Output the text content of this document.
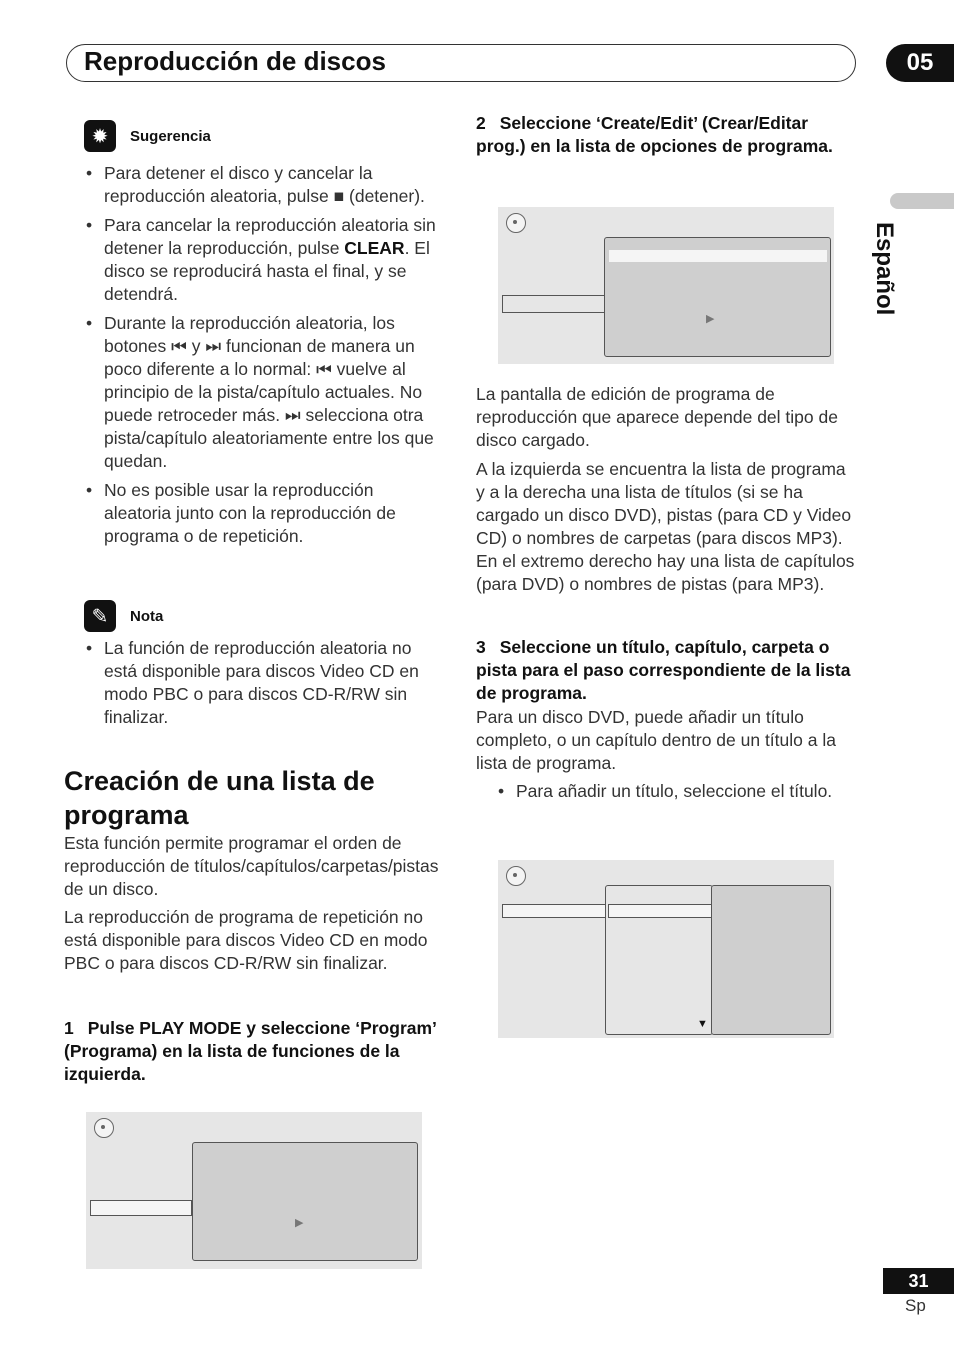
Reproducción de discos	05
Español
✹	Sugerencia
• Para detener el disco y cancelar la reproducción aleatoria, pulse ■ (detener).
• Para cancelar la reproducción aleatoria sin detener la reproducción, pulse CLEAR. El disco se reproducirá hasta el final, y se detendrá.
• Durante la reproducción aleatoria, los botones ⏮ y ⏭ funcionan de manera un poco diferente a lo normal: ⏮ vuelve al principio de la pista/capítulo actuales. No puede retroceder más. ⏭ selecciona otra pista/capítulo aleatoriamente entre los que quedan.
• No es posible usar la reproducción aleatoria junto con la reproducción de programa o de repetición.
✎	Nota
• La función de reproducción aleatoria no está disponible para discos Video CD en modo PBC o para discos CD-R/RW sin finalizar.
Creación de una lista de programa

Esta función permite programar el orden de reproducción de títulos/capítulos/carpetas/pistas de un disco.

La reproducción de programa de repetición no está disponible para discos Video CD en modo PBC o para discos CD-R/RW sin finalizar.

1 Pulse PLAY MODE y seleccione ‘Program’ (Programa) en la lista de funciones de la izquierda.

▶

2 Seleccione ‘Create/Edit’ (Crear/Editar prog.) en la lista de opciones de programa.

▶

La pantalla de edición de programa de reproducción que aparece depende del tipo de disco cargado.

A la izquierda se encuentra la lista de programa y a la derecha una lista de títulos (si se ha cargado un disco DVD), pistas (para CD y Video CD) o nombres de carpetas (para discos MP3). En el extremo derecho hay una lista de capítulos (para DVD) o nombres de pistas (para MP3).

3 Seleccione un título, capítulo, carpeta o pista para el paso correspondiente de la lista de programa.

Para un disco DVD, puede añadir un título completo, o un capítulo dentro de un título a la lista de programa.

• Para añadir un título, seleccione el título.
▼
31
Sp
